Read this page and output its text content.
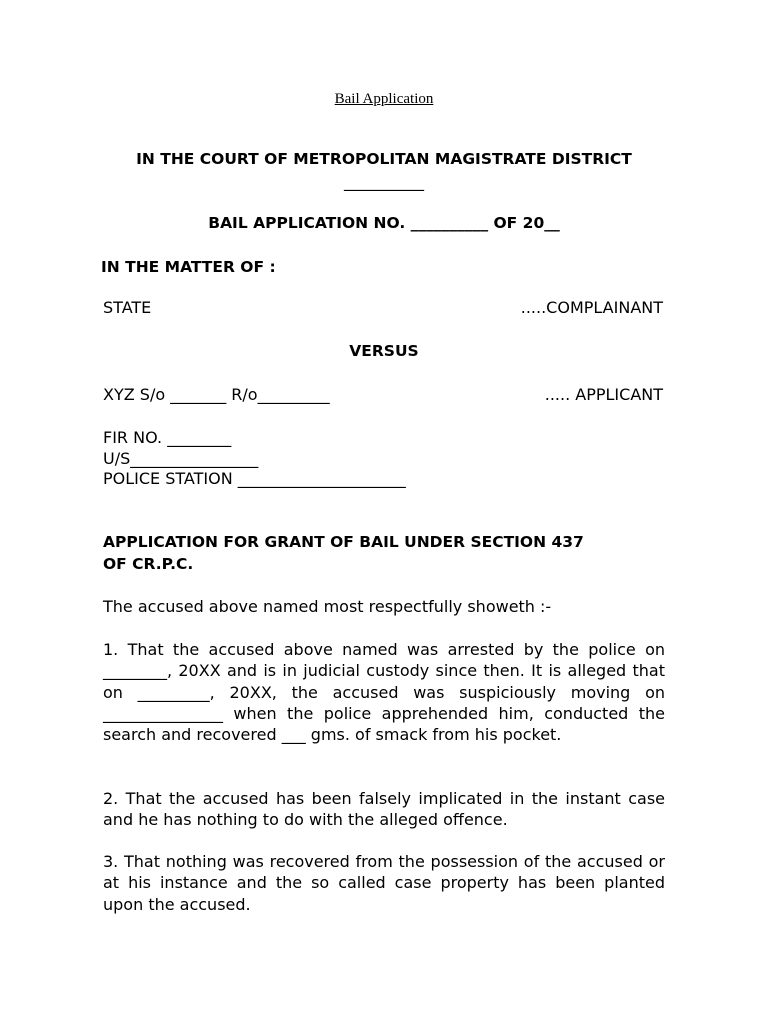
Bail Application
IN THE COURT OF METROPOLITAN MAGISTRATE DISTRICT
__________
BAIL APPLICATION NO. __________ OF 20__
IN THE MATTER OF :
STATE	.....COMPLAINANT
VERSUS
XYZ S/o _______ R/o_________	..... APPLICANT
FIR NO. ________
U/S________________
POLICE STATION _____________________
APPLICATION FOR GRANT OF BAIL UNDER SECTION 437
OF CR.P.C.
The accused above named most respectfully showeth :-
1. That the accused above named was arrested by the police on ________, 20XX and is in judicial custody since then. It is alleged that on _________, 20XX, the accused was suspiciously moving on _______________ when the police apprehended him, conducted the search and recovered ___ gms. of smack from his pocket.
2. That the accused has been falsely implicated in the instant case and he has nothing to do with the alleged offence.
3. That nothing was recovered from the possession of the accused or at his instance and the so called case property has been planted upon the accused.
